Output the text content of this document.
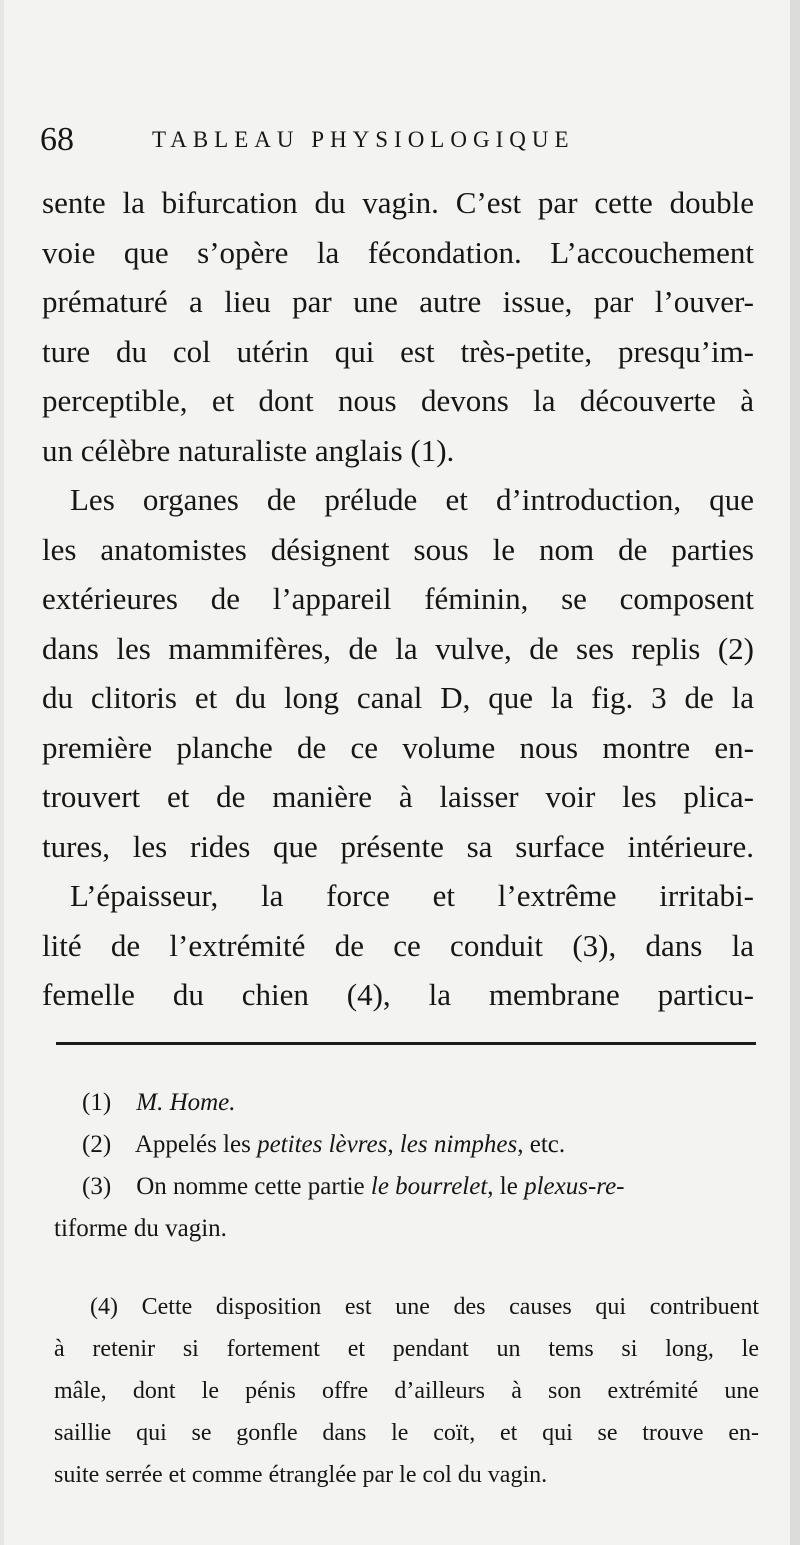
68	TABLEAU PHYSIOLOGIQUE
sente la bifurcation du vagin. C’est par cette double
voie que s’opère la fécondation. L’accouchement
prématuré a lieu par une autre issue, par l’ouver-
ture du col utérin qui est très-petite, presqu’im-
perceptible, et dont nous devons la découverte à
un célèbre naturaliste anglais (1).
Les organes de prélude et d’introduction, que
les anatomistes désignent sous le nom de parties
extérieures de l’appareil féminin, se composent
dans les mammifères, de la vulve, de ses replis (2)
du clitoris et du long canal D, que la fig. 3 de la
première planche de ce volume nous montre en-
trouvert et de manière à laisser voir les plica-
tures, les rides que présente sa surface intérieure.
L’épaisseur, la force et l’extrême irritabi-
lité de l’extrémité de ce conduit (3), dans la
femelle du chien (4), la membrane particu-
(1) M. Home.
(2) Appelés les petites lèvres, les nimphes, etc.
(3) On nomme cette partie le bourrelet, le plexus-re-
tiforme du vagin.
(4) Cette disposition est une des causes qui contribuent
à retenir si fortement et pendant un tems si long, le
mâle, dont le pénis offre d’ailleurs à son extrémité une
saillie qui se gonfle dans le coït, et qui se trouve en-
suite serrée et comme étranglée par le col du vagin.
